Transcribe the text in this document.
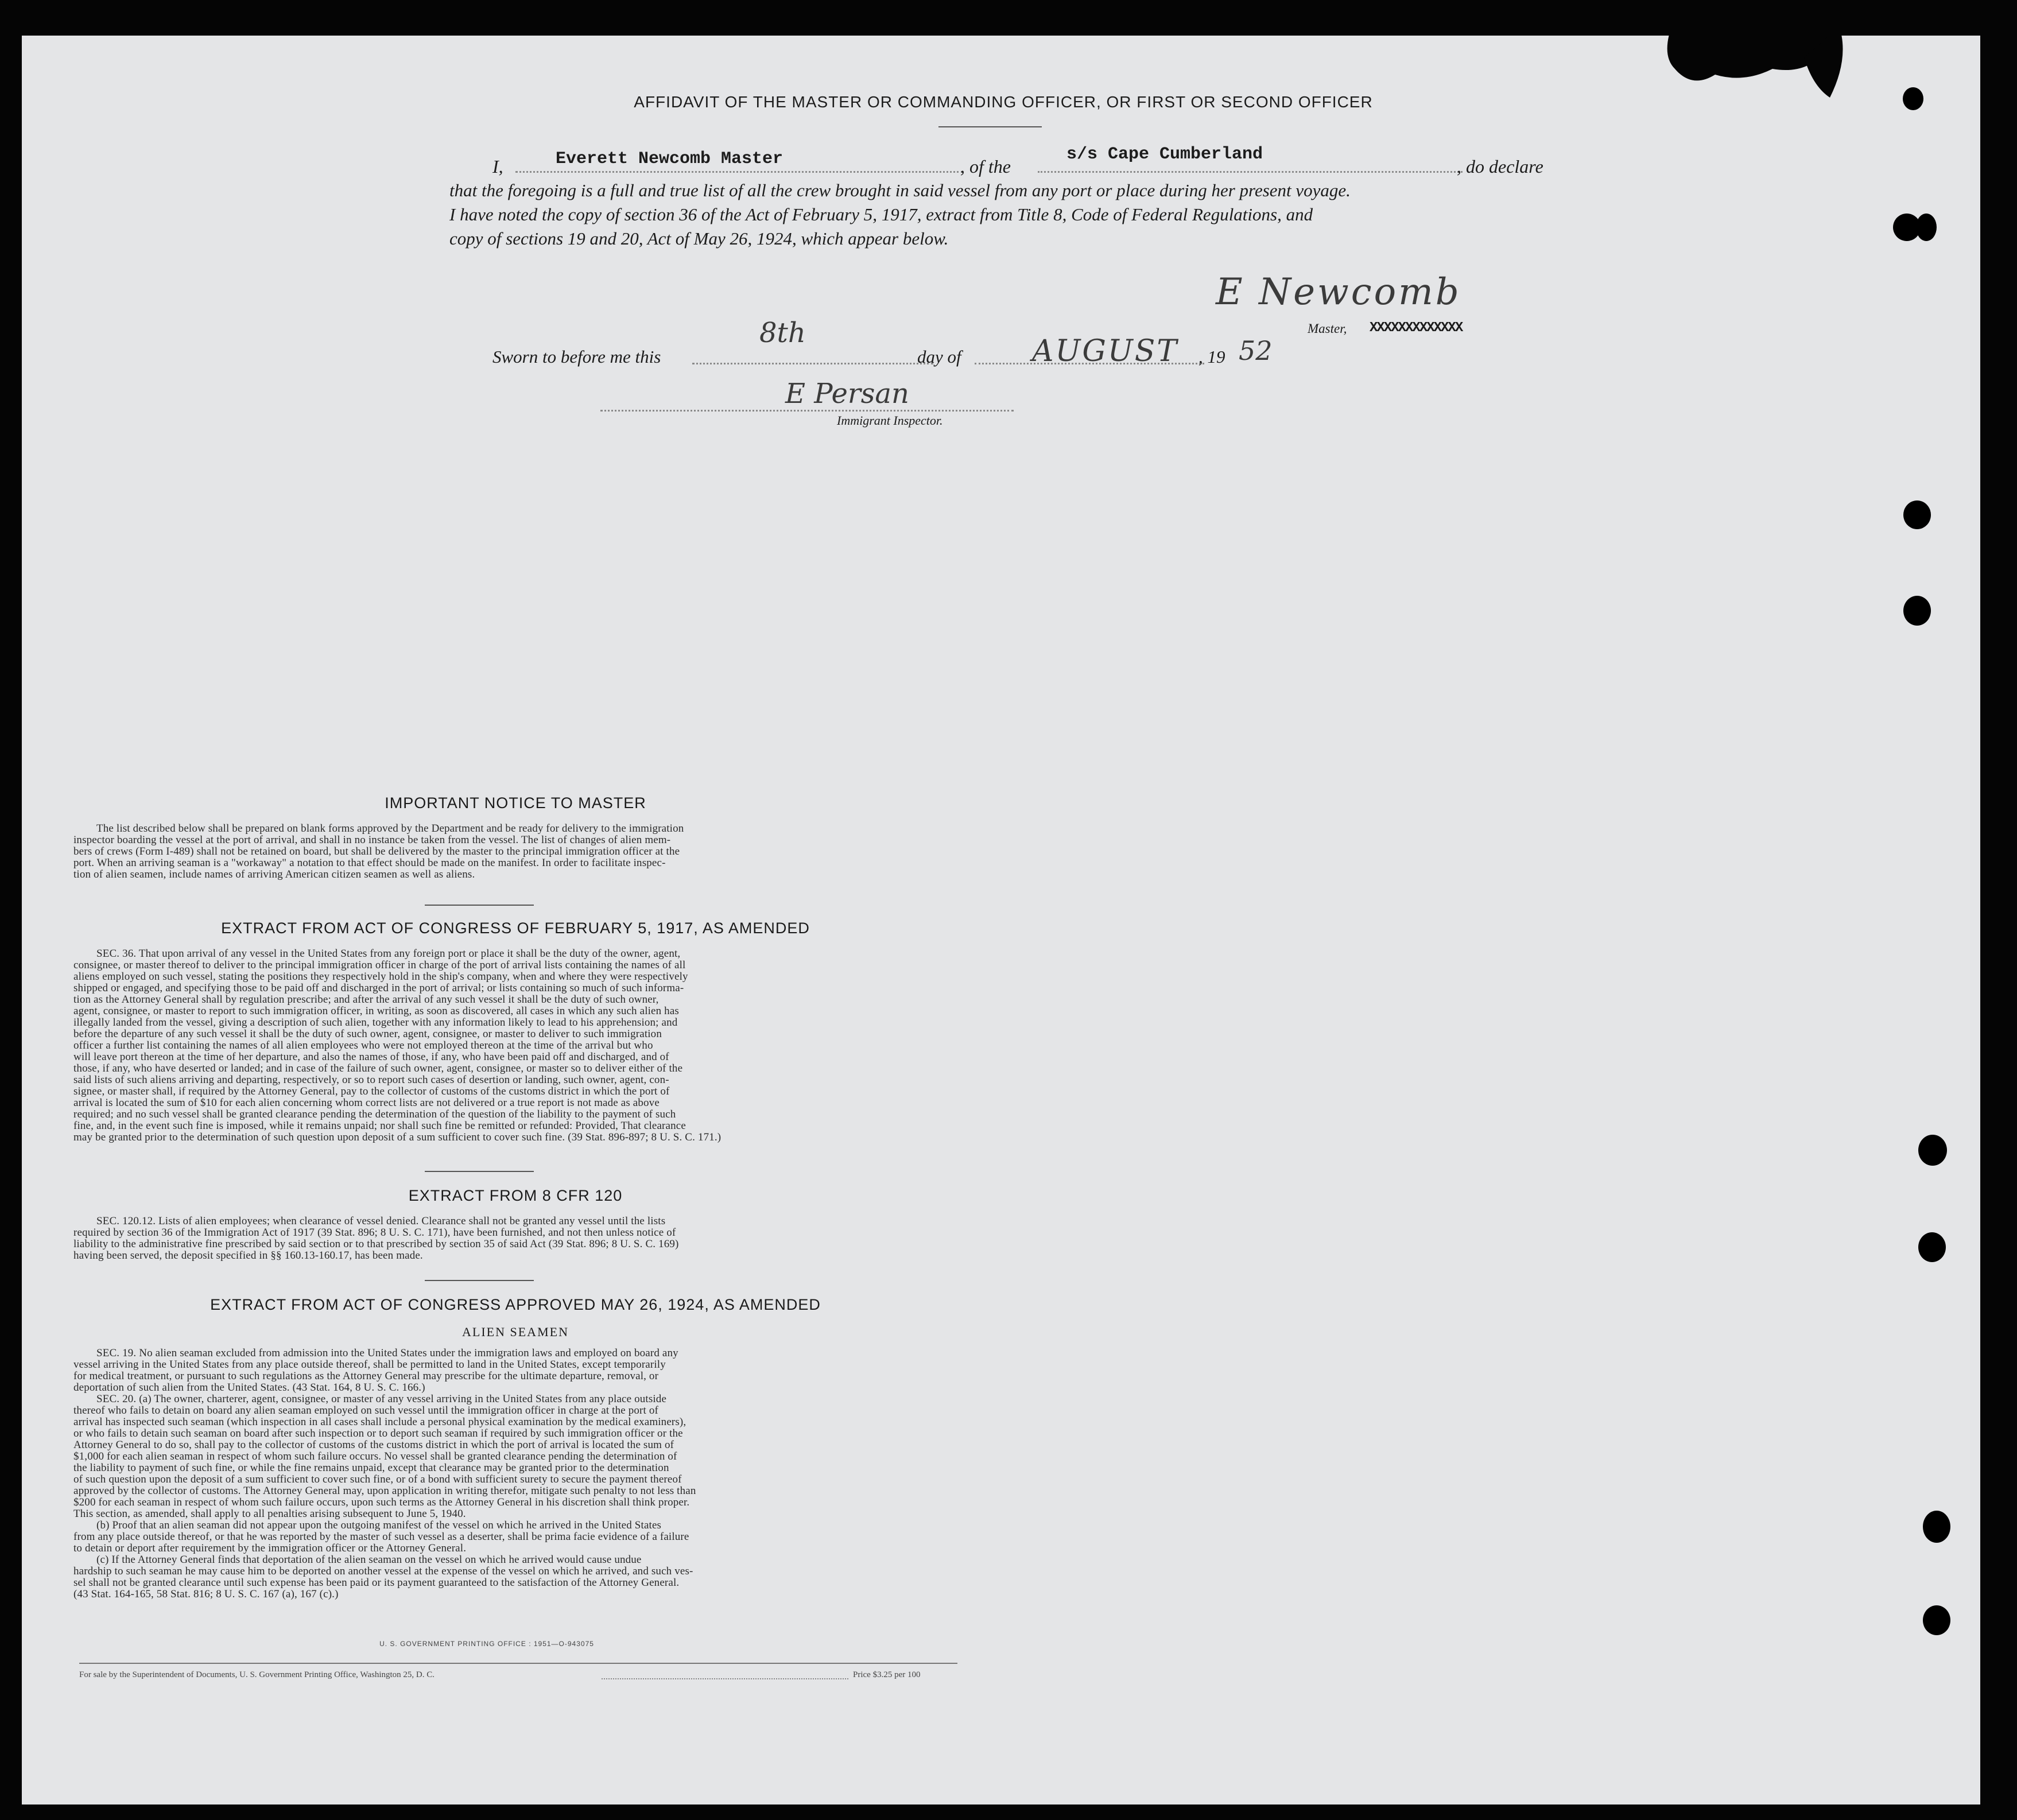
AFFIDAVIT OF THE MASTER OR COMMANDING OFFICER, OR FIRST OR SECOND OFFICER
I,	Everett Newcomb Master	, of the
s/s Cape Cumberland
, do declare
that the foregoing is a full and true list of all the crew brought in said vessel from any port or place during her present voyage.
I have noted the copy of section 36 of the Act of February 5, 1917, extract from Title 8, Code of Federal Regulations, and
copy of sections 19 and 20, Act of May 26, 1924, which appear below.
E Newcomb
Master, XXXXXXXXXXXXX
Sworn to before me this
8th
day of AUGUST , 19 52
E Persan
Immigrant Inspector.
IMPORTANT NOTICE TO MASTER
The list described below shall be prepared on blank forms approved by the Department and be ready for delivery to the immigration
inspector boarding the vessel at the port of arrival, and shall in no instance be taken from the vessel. The list of changes of alien mem-
bers of crews (Form I-489) shall not be retained on board, but shall be delivered by the master to the principal immigration officer at the
port. When an arriving seaman is a "workaway" a notation to that effect should be made on the manifest. In order to facilitate inspec-
tion of alien seamen, include names of arriving American citizen seamen as well as aliens.
EXTRACT FROM ACT OF CONGRESS OF FEBRUARY 5, 1917, AS AMENDED
SEC. 36. That upon arrival of any vessel in the United States from any foreign port or place it shall be the duty of the owner, agent,
consignee, or master thereof to deliver to the principal immigration officer in charge of the port of arrival lists containing the names of all
aliens employed on such vessel, stating the positions they respectively hold in the ship's company, when and where they were respectively
shipped or engaged, and specifying those to be paid off and discharged in the port of arrival; or lists containing so much of such informa-
tion as the Attorney General shall by regulation prescribe; and after the arrival of any such vessel it shall be the duty of such owner,
agent, consignee, or master to report to such immigration officer, in writing, as soon as discovered, all cases in which any such alien has
illegally landed from the vessel, giving a description of such alien, together with any information likely to lead to his apprehension; and
before the departure of any such vessel it shall be the duty of such owner, agent, consignee, or master to deliver to such immigration
officer a further list containing the names of all alien employees who were not employed thereon at the time of the arrival but who
will leave port thereon at the time of her departure, and also the names of those, if any, who have been paid off and discharged, and of
those, if any, who have deserted or landed; and in case of the failure of such owner, agent, consignee, or master so to deliver either of the
said lists of such aliens arriving and departing, respectively, or so to report such cases of desertion or landing, such owner, agent, con-
signee, or master shall, if required by the Attorney General, pay to the collector of customs of the customs district in which the port of
arrival is located the sum of $10 for each alien concerning whom correct lists are not delivered or a true report is not made as above
required; and no such vessel shall be granted clearance pending the determination of the question of the liability to the payment of such
fine, and, in the event such fine is imposed, while it remains unpaid; nor shall such fine be remitted or refunded: Provided, That clearance
may be granted prior to the determination of such question upon deposit of a sum sufficient to cover such fine. (39 Stat. 896-897; 8 U. S. C. 171.)
EXTRACT FROM 8 CFR 120
SEC. 120.12. Lists of alien employees; when clearance of vessel denied. Clearance shall not be granted any vessel until the lists
required by section 36 of the Immigration Act of 1917 (39 Stat. 896; 8 U. S. C. 171), have been furnished, and not then unless notice of
liability to the administrative fine prescribed by said section or to that prescribed by section 35 of said Act (39 Stat. 896; 8 U. S. C. 169)
having been served, the deposit specified in §§ 160.13-160.17, has been made.
EXTRACT FROM ACT OF CONGRESS APPROVED MAY 26, 1924, AS AMENDED
ALIEN SEAMEN
SEC. 19. No alien seaman excluded from admission into the United States under the immigration laws and employed on board any
vessel arriving in the United States from any place outside thereof, shall be permitted to land in the United States, except temporarily
for medical treatment, or pursuant to such regulations as the Attorney General may prescribe for the ultimate departure, removal, or
deportation of such alien from the United States. (43 Stat. 164, 8 U. S. C. 166.)
SEC. 20. (a) The owner, charterer, agent, consignee, or master of any vessel arriving in the United States from any place outside
thereof who fails to detain on board any alien seaman employed on such vessel until the immigration officer in charge at the port of
arrival has inspected such seaman (which inspection in all cases shall include a personal physical examination by the medical examiners),
or who fails to detain such seaman on board after such inspection or to deport such seaman if required by such immigration officer or the
Attorney General to do so, shall pay to the collector of customs of the customs district in which the port of arrival is located the sum of
$1,000 for each alien seaman in respect of whom such failure occurs. No vessel shall be granted clearance pending the determination of
the liability to payment of such fine, or while the fine remains unpaid, except that clearance may be granted prior to the determination
of such question upon the deposit of a sum sufficient to cover such fine, or of a bond with sufficient surety to secure the payment thereof
approved by the collector of customs. The Attorney General may, upon application in writing therefor, mitigate such penalty to not less than
$200 for each seaman in respect of whom such failure occurs, upon such terms as the Attorney General in his discretion shall think proper.
This section, as amended, shall apply to all penalties arising subsequent to June 5, 1940.
(b) Proof that an alien seaman did not appear upon the outgoing manifest of the vessel on which he arrived in the United States
from any place outside thereof, or that he was reported by the master of such vessel as a deserter, shall be prima facie evidence of a failure
to detain or deport after requirement by the immigration officer or the Attorney General.
(c) If the Attorney General finds that deportation of the alien seaman on the vessel on which he arrived would cause undue
hardship to such seaman he may cause him to be deported on another vessel at the expense of the vessel on which he arrived, and such ves-
sel shall not be granted clearance until such expense has been paid or its payment guaranteed to the satisfaction of the Attorney General.
(43 Stat. 164-165, 58 Stat. 816; 8 U. S. C. 167 (a), 167 (c).)
U. S. GOVERNMENT PRINTING OFFICE : 1951—O-943075
For sale by the Superintendent of Documents, U. S. Government Printing Office, Washington 25, D. C.	Price $3.25 per 100
